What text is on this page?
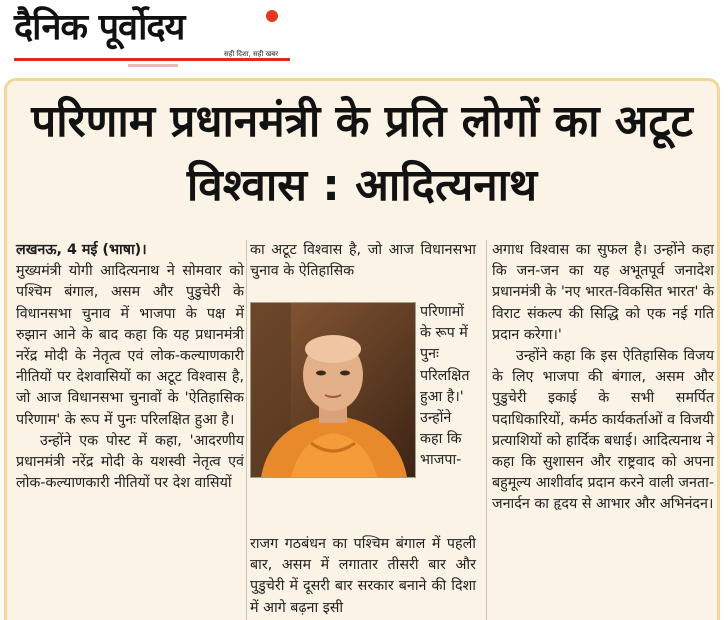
दैनिक पूर्वोदय
सही दिशा, सही खबर
परिणाम प्रधानमंत्री के प्रति लोगों का अटूट विश्वास : आदित्यनाथ

लखनऊ, 4 मई (भाषा)।

मुख्यमंत्री योगी आदित्यनाथ ने सोमवार को पश्चिम बंगाल, असम और पुडुचेरी के विधानसभा चुनाव में भाजपा के पक्ष में रुझान आने के बाद कहा कि यह प्रधानमंत्री नरेंद्र मोदी के नेतृत्व एवं लोक-कल्याणकारी नीतियों पर देशवासियों का अटूट विश्वास है, जो आज विधानसभा चुनावों के 'ऐतिहासिक परिणाम' के रूप में पुनः परिलक्षित हुआ है।

उन्होंने एक पोस्ट में कहा, 'आदरणीय प्रधानमंत्री नरेंद्र मोदी के यशस्वी नेतृत्व एवं लोक-कल्याणकारी नीतियों पर देश वासियों

का अटूट विश्वास है, जो आज विधानसभा चुनाव के ऐतिहासिक
परिणामों के रूप में पुनः परिलक्षित हुआ है।' उन्होंने कहा कि भाजपा-
राजग गठबंधन का पश्चिम बंगाल में पहली बार, असम में लगातार तीसरी बार और पुडुचेरी में दूसरी बार सरकार बनाने की दिशा में आगे बढ़ना इसी

अगाध विश्वास का सुफल है। उन्होंने कहा कि जन-जन का यह अभूतपूर्व जनादेश प्रधानमंत्री के 'नए भारत-विकसित भारत' के विराट संकल्प की सिद्धि को एक नई गति प्रदान करेगा।'

उन्होंने कहा कि इस ऐतिहासिक विजय के लिए भाजपा की बंगाल, असम और पुडुचेरी इकाई के सभी समर्पित पदाधिकारियों, कर्मठ कार्यकर्ताओं व विजयी प्रत्याशियों को हार्दिक बधाई। आदित्यनाथ ने कहा कि सुशासन और राष्ट्रवाद को अपना बहुमूल्य आशीर्वाद प्रदान करने वाली जनता-जनार्दन का हृदय से आभार और अभिनंदन।
